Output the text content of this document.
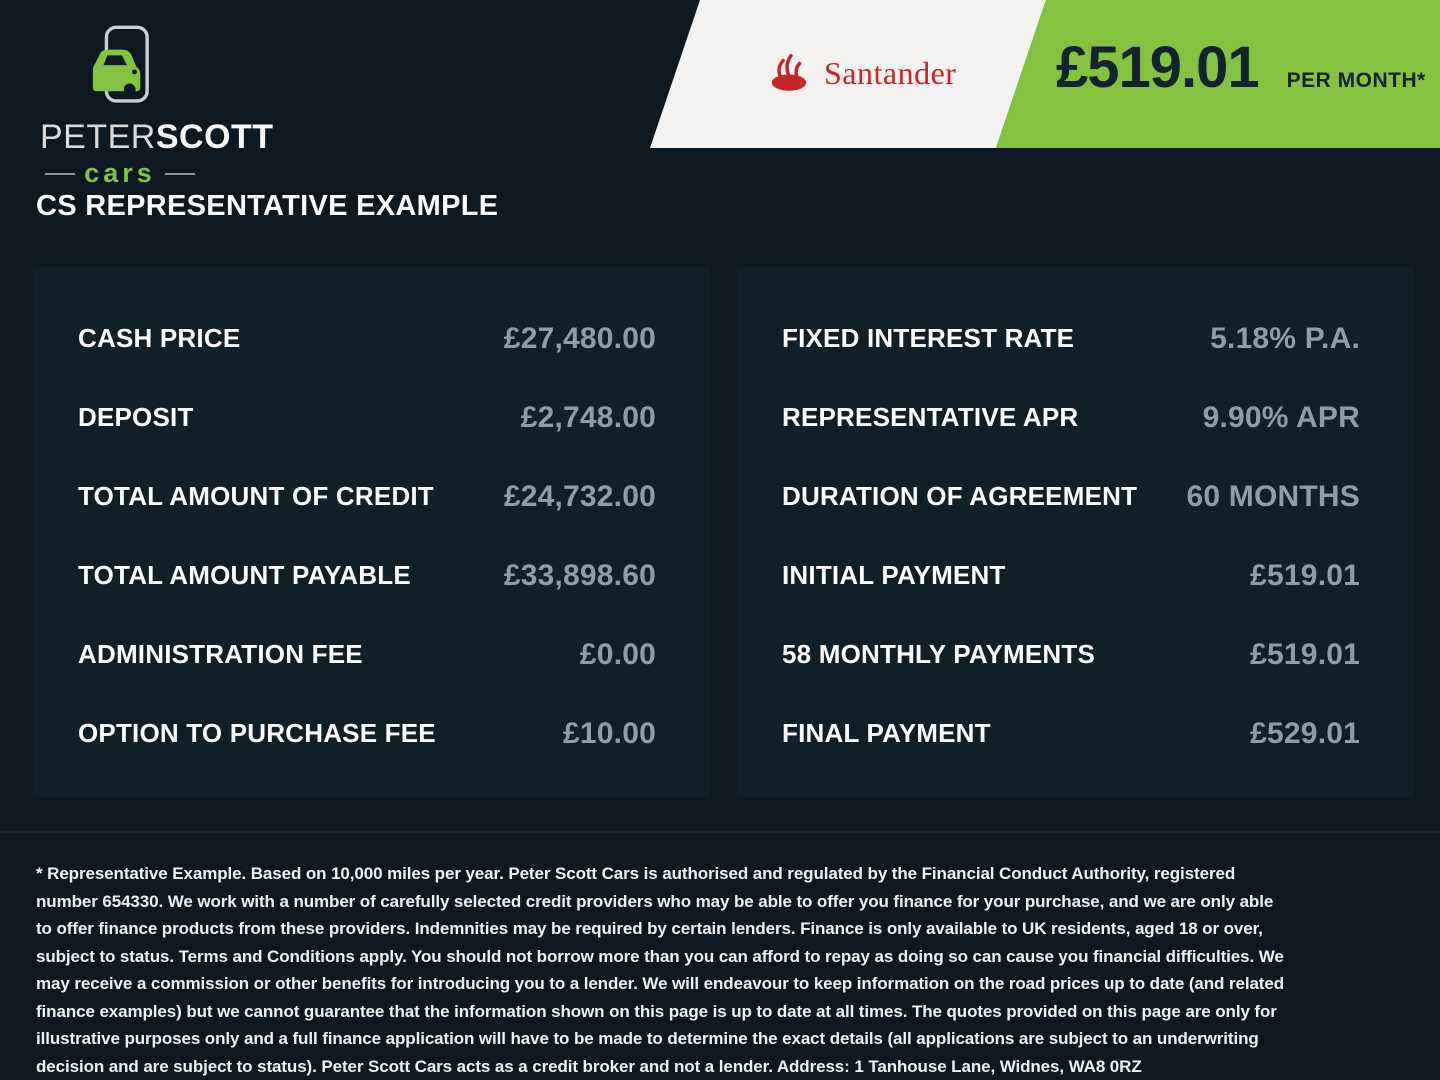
PETERSCOTT
cars
Santander £519.01 PER MONTH*
CS REPRESENTATIVE EXAMPLE
CASH PRICE	£27,480.00
DEPOSIT	£2,748.00
TOTAL AMOUNT OF CREDIT £24,732.00
TOTAL AMOUNT PAYABLE	£33,898.60
ADMINISTRATION FEE	£0.00
OPTION TO PURCHASE FEE	£10.00
FIXED INTEREST RATE	5.18% P.A.
REPRESENTATIVE APR	9.90% APR
DURATION OF AGREEMENT 60 MONTHS
INITIAL PAYMENT	£519.01
58 MONTHLY PAYMENTS	£519.01
FINAL PAYMENT	£529.01
* Representative Example. Based on 10,000 miles per year. Peter Scott Cars is authorised and regulated by the Financial Conduct Authority, registered number 654330. We work with a number of carefully selected credit providers who may be able to offer you finance for your purchase, and we are only able to offer finance products from these providers. Indemnities may be required by certain lenders. Finance is only available to UK residents, aged 18 or over, subject to status. Terms and Conditions apply. You should not borrow more than you can afford to repay as doing so can cause you financial difficulties. We may receive a commission or other benefits for introducing you to a lender. We will endeavour to keep information on the road prices up to date (and related finance examples) but we cannot guarantee that the information shown on this page is up to date at all times. The quotes provided on this page are only for illustrative purposes only and a full finance application will have to be made to determine the exact details (all applications are subject to an underwriting decision and are subject to status). Peter Scott Cars acts as a credit broker and not a lender. Address: 1 Tanhouse Lane, Widnes, WA8 0RZ
